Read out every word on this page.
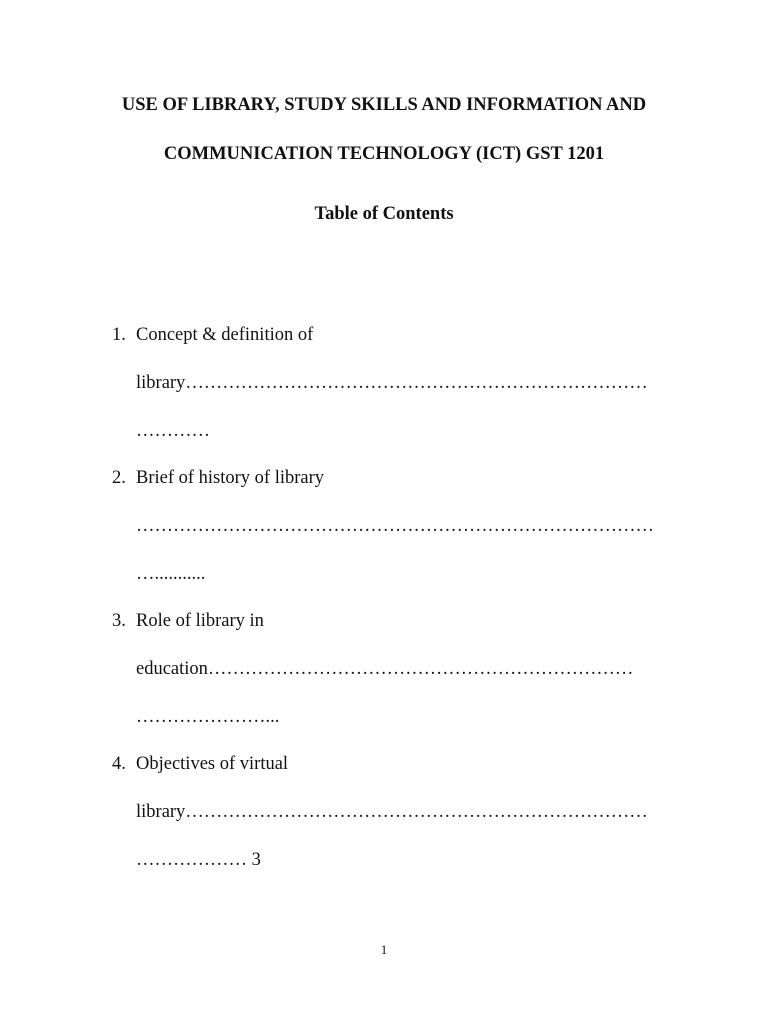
USE OF LIBRARY, STUDY SKILLS AND INFORMATION AND
COMMUNICATION TECHNOLOGY (ICT) GST 1201
Table of Contents
1. Concept & definition of
library…………………………………………………………………
…………
2. Brief of history of library
…………………………………………………………………………
…...........
3. Role of library in
education……………………………………………………………
…………………...
4. Objectives of virtual
library…………………………………………………………………
……………… 3
1
